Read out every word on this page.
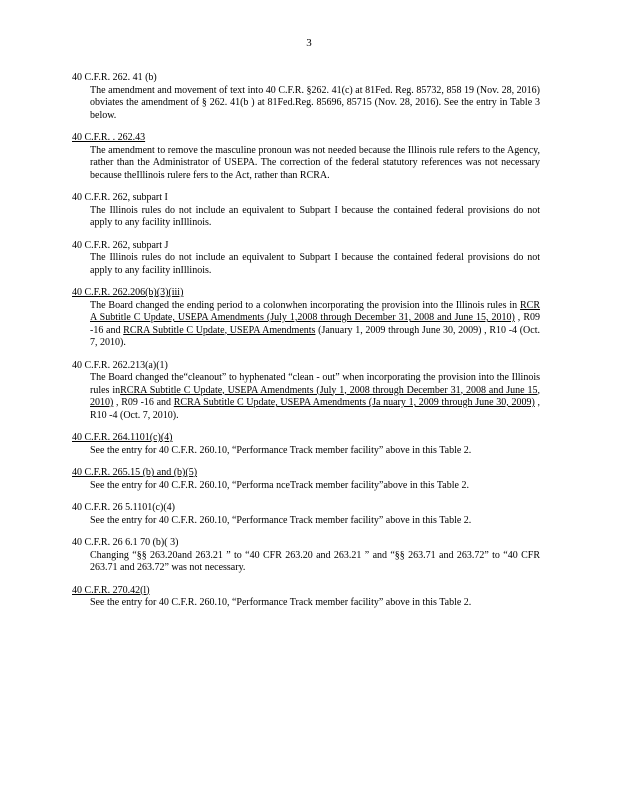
3
40 C.F.R. 262. 41 (b)
The amendment and movement of text into 40 C.F.R. §262. 41(c) at 81Fed. Reg. 85732, 858 19 (Nov. 28, 2016) obviates the amendment of § 262. 41(b ) at 81Fed.Reg. 85696, 85715 (Nov. 28, 2016). See the entry in Table 3 below.
40 C.F.R. . 262.43
The amendment to remove the masculine pronoun was not needed because the Illinois rule refers to the Agency, rather than the Administrator of USEPA. The correction of the federal statutory references was not necessary because theIllinois rulere fers to the Act, rather than RCRA.
40 C.F.R. 262, subpart I
The Illinois rules do not include an equivalent to Subpart I because the contained federal provisions do not apply to any facility inIllinois.
40 C.F.R. 262, subpart J
The Illinois rules do not include an equivalent to Subpart I because the contained federal provisions do not apply to any facility inIllinois.
40 C.F.R. 262.206(b)(3)(iii)
The Board changed the ending period to a colonwhen incorporating the provision into the Illinois rules in RCR A Subtitle C Update, USEPA Amendments (July 1,2008 through December 31, 2008 and June 15, 2010) , R09 -16 and RCRA Subtitle C Update, USEPA Amendments (January 1, 2009 through June 30, 2009) , R10 -4 (Oct. 7, 2010).
40 C.F.R. 262.213(a)(1)
The Board changed the“cleanout” to hyphenated “clean - out” when incorporating the provision into the Illinois rules inRCRA Subtitle C Update, USEPA Amendments (July 1, 2008 through December 31, 2008 and June 15, 2010) , R09 -16 and RCRA Subtitle C Update, USEPA Amendments (Ja nuary 1, 2009 through June 30, 2009) , R10 -4 (Oct. 7, 2010).
40 C.F.R. 264.1101(c)(4)
See the entry for 40 C.F.R. 260.10, “Performance Track member facility” above in this Table 2.
40 C.F.R. 265.15 (b) and (b)(5)
See the entry for 40 C.F.R. 260.10, “Performa nceTrack member facility”above in this Table 2.
40 C.F.R. 26 5.1101(c)(4)
See the entry for 40 C.F.R. 260.10, “Performance Track member facility” above in this Table 2.
40 C.F.R. 26 6.1 70 (b)( 3)
Changing “§§ 263.20and 263.21 ” to “40 CFR 263.20 and 263.21 ” and “§§ 263.71 and 263.72” to “40 CFR 263.71 and 263.72” was not necessary.
40 C.F.R. 270.42(l)
See the entry for 40 C.F.R. 260.10, “Performance Track member facility” above in this Table 2.
